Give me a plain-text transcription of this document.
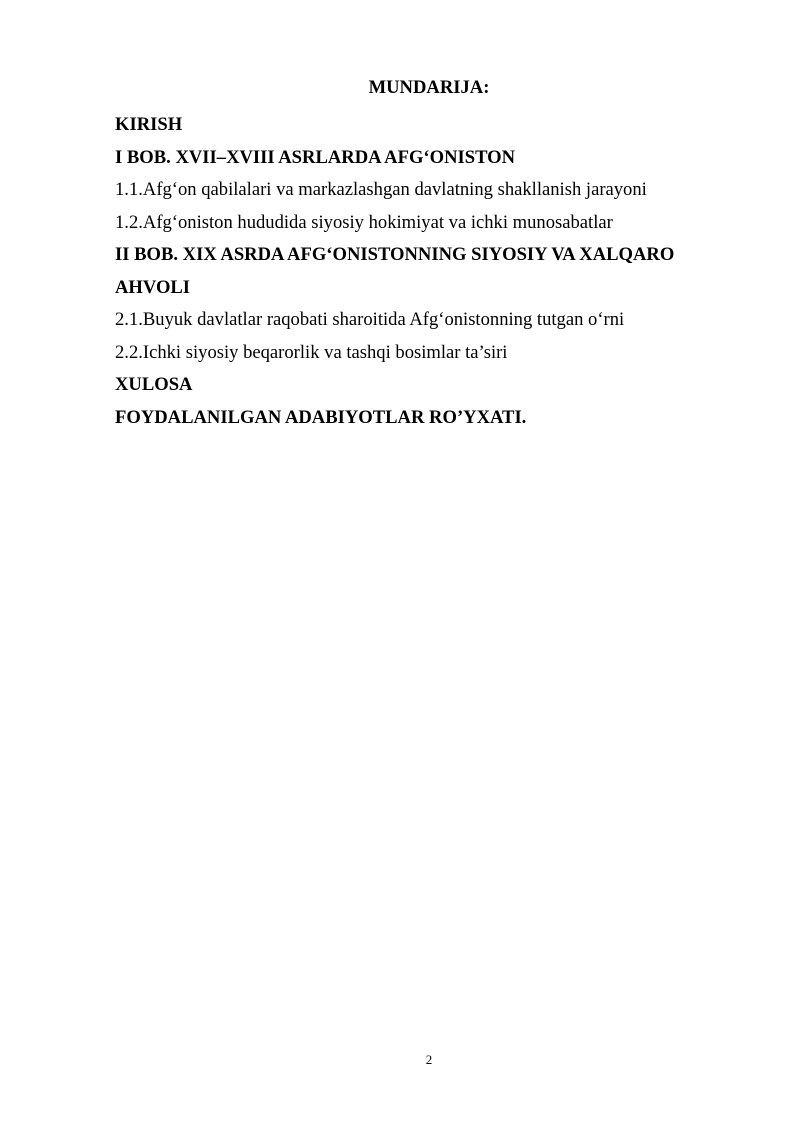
MUNDARIJA:
KIRISH
I BOB. XVII–XVIII ASRLARDA AFG‘ONISTON
1.1.Afg‘on qabilalari va markazlashgan davlatning shakllanish jarayoni
1.2.Afg‘oniston hududida siyosiy hokimiyat va ichki munosabatlar
II BOB. XIX ASRDA AFG‘ONISTONNING SIYOSIY VA XALQARO
AHVOLI
2.1.Buyuk davlatlar raqobati sharoitida Afg‘onistonning tutgan o‘rni
2.2.Ichki siyosiy beqarorlik va tashqi bosimlar ta’siri
XULOSA
FOYDALANILGAN ADABIYOTLAR RO’YXATI.
2
